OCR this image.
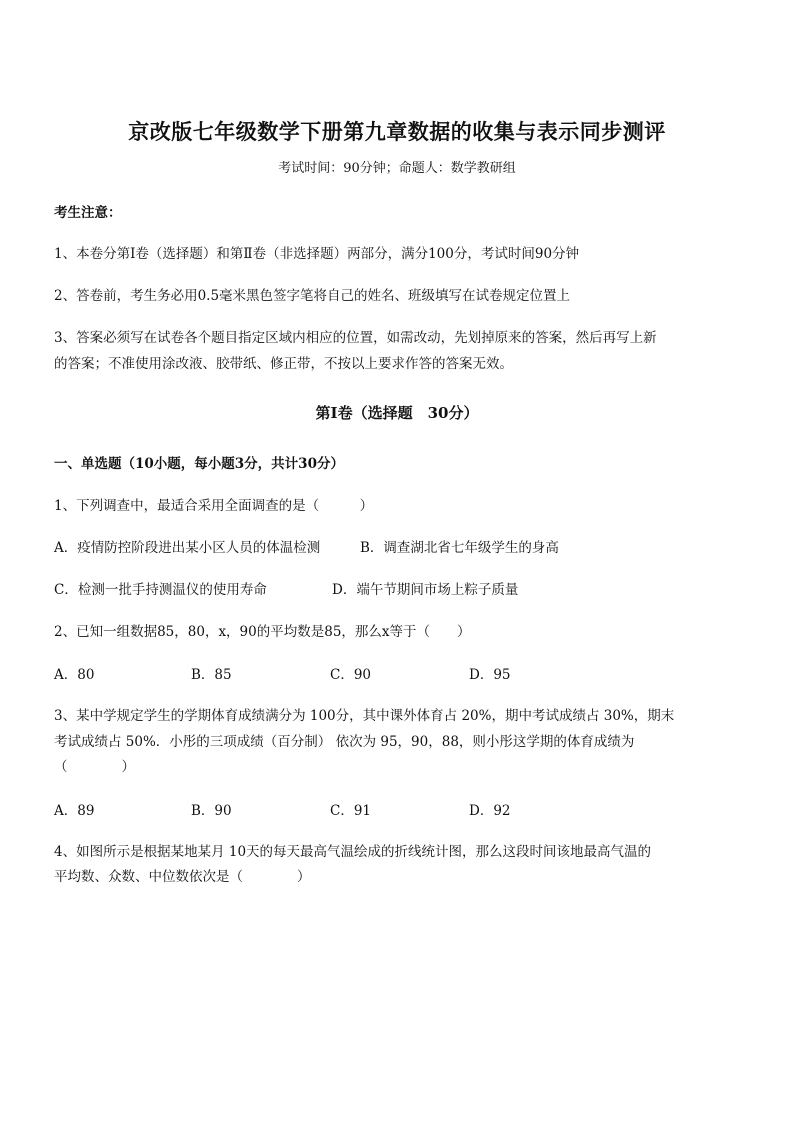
京改版七年级数学下册第九章数据的收集与表示同步测评
考试时间：90分钟；命题人：数学教研组
考生注意：
1、本卷分第Ⅰ卷（选择题）和第Ⅱ卷（非选择题）两部分，满分100分，考试时间90分钟
2、答卷前，考生务必用0.5毫米黑色签字笔将自己的姓名、班级填写在试卷规定位置上
3、答案必须写在试卷各个题目指定区域内相应的位置，如需改动，先划掉原来的答案，然后再写上新
的答案；不准使用涂改液、胶带纸、修正带，不按以上要求作答的答案无效。
第Ⅰ卷（选择题　30分）
一、单选题（10小题，每小题3分，共计30分）
1、下列调查中，最适合采用全面调查的是（　　　）
A．疫情防控阶段进出某小区人员的体温检测	B．调查湖北省七年级学生的身高
C．检测一批手持测温仪的使用寿命	D．端午节期间市场上粽子质量
2、已知一组数据85，80，x，90的平均数是85，那么x等于（　　）
A．80	B．85	C．90	D．95
3、某中学规定学生的学期体育成绩满分为 100分，其中课外体育占 20%，期中考试成绩占 30%，期末
考试成绩占 50%．小彤的三项成绩（百分制） 依次为 95，90，88，则小彤这学期的体育成绩为
（　　　　）
A．89	B．90	C．91	D．92
4、如图所示是根据某地某月 10天的每天最高气温绘成的折线统计图，那么这段时间该地最高气温的
平均数、众数、中位数依次是（　　　　）
